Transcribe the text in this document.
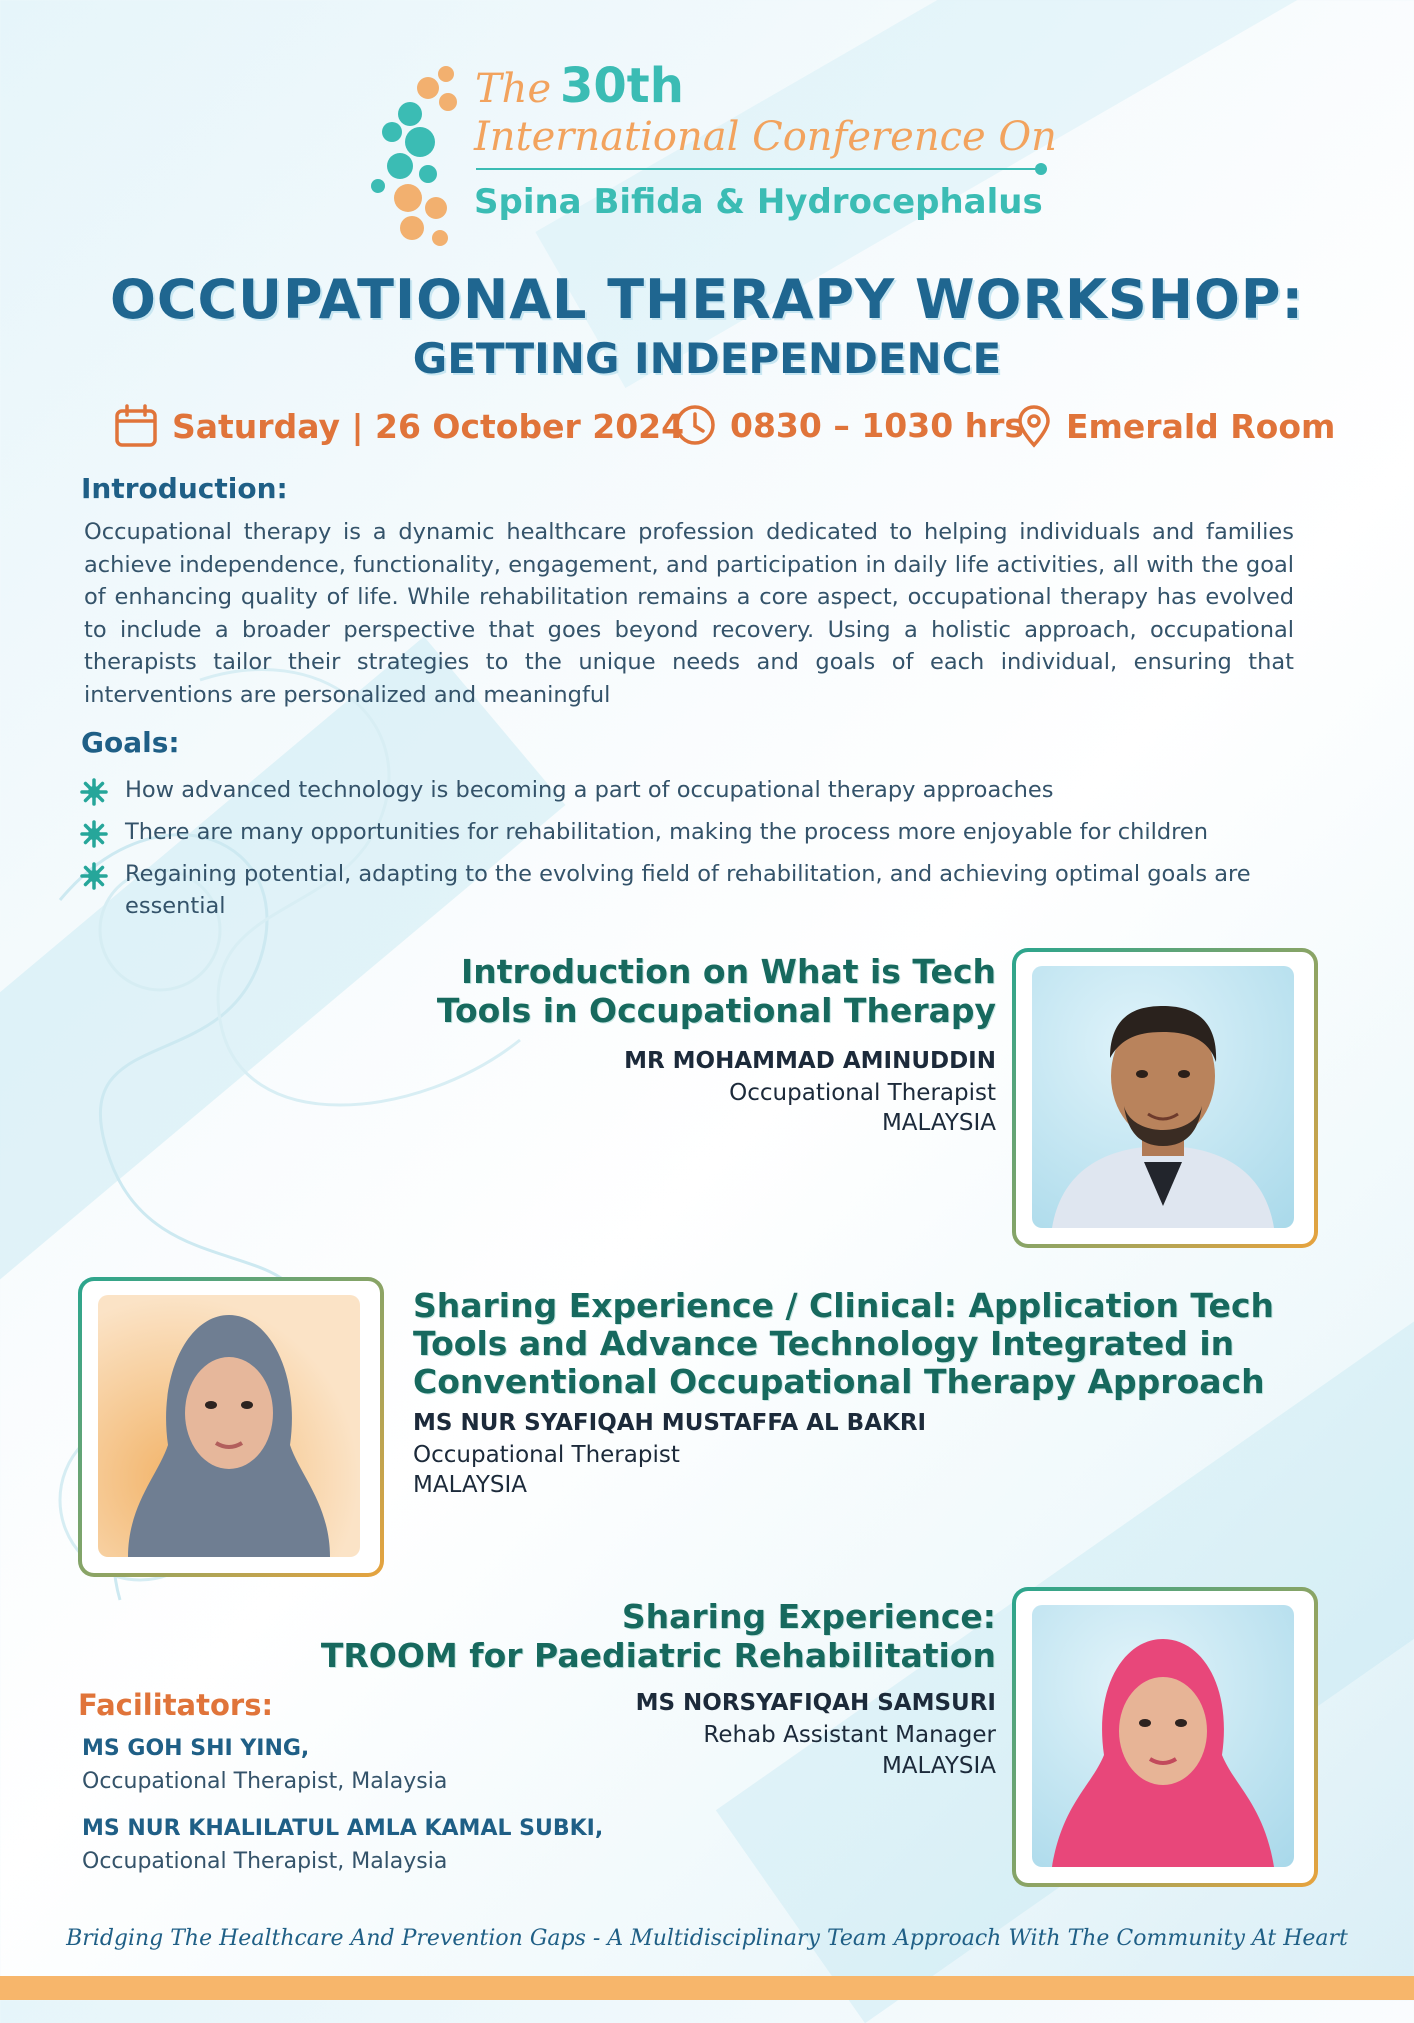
The 30th
International Conference On
Spina Bifida & Hydrocephalus
OCCUPATIONAL THERAPY WORKSHOP:
GETTING INDEPENDENCE
Saturday | 26 October 2024 0830 – 1030 hrs Emerald Room
Introduction:
Occupational therapy is a dynamic healthcare profession dedicated to helping individuals and families achieve independence, functionality, engagement, and participation in daily life activities, all with the goal of enhancing quality of life. While rehabilitation remains a core aspect, occupational therapy has evolved to include a broader perspective that goes beyond recovery. Using a holistic approach, occupational therapists tailor their strategies to the unique needs and goals of each individual, ensuring that interventions are personalized and meaningful
Goals:
How advanced technology is becoming a part of occupational therapy approaches
There are many opportunities for rehabilitation, making the process more enjoyable for children
Regaining potential, adapting to the evolving field of rehabilitation, and achieving optimal goals are essential
Introduction on What is Tech
Tools in Occupational Therapy
MR MOHAMMAD AMINUDDIN
Occupational Therapist
MALAYSIA
Sharing Experience / Clinical: Application Tech
Tools and Advance Technology Integrated in
Conventional Occupational Therapy Approach
MS NUR SYAFIQAH MUSTAFFA AL BAKRI
Occupational Therapist
MALAYSIA
Sharing Experience:
TROOM for Paediatric Rehabilitation
MS NORSYAFIQAH SAMSURI
Rehab Assistant Manager
MALAYSIA
Facilitators:
MS GOH SHI YING,
Occupational Therapist, Malaysia
MS NUR KHALILATUL AMLA KAMAL SUBKI,
Occupational Therapist, Malaysia
Bridging The Healthcare And Prevention Gaps - A Multidisciplinary Team Approach With The Community At Heart
